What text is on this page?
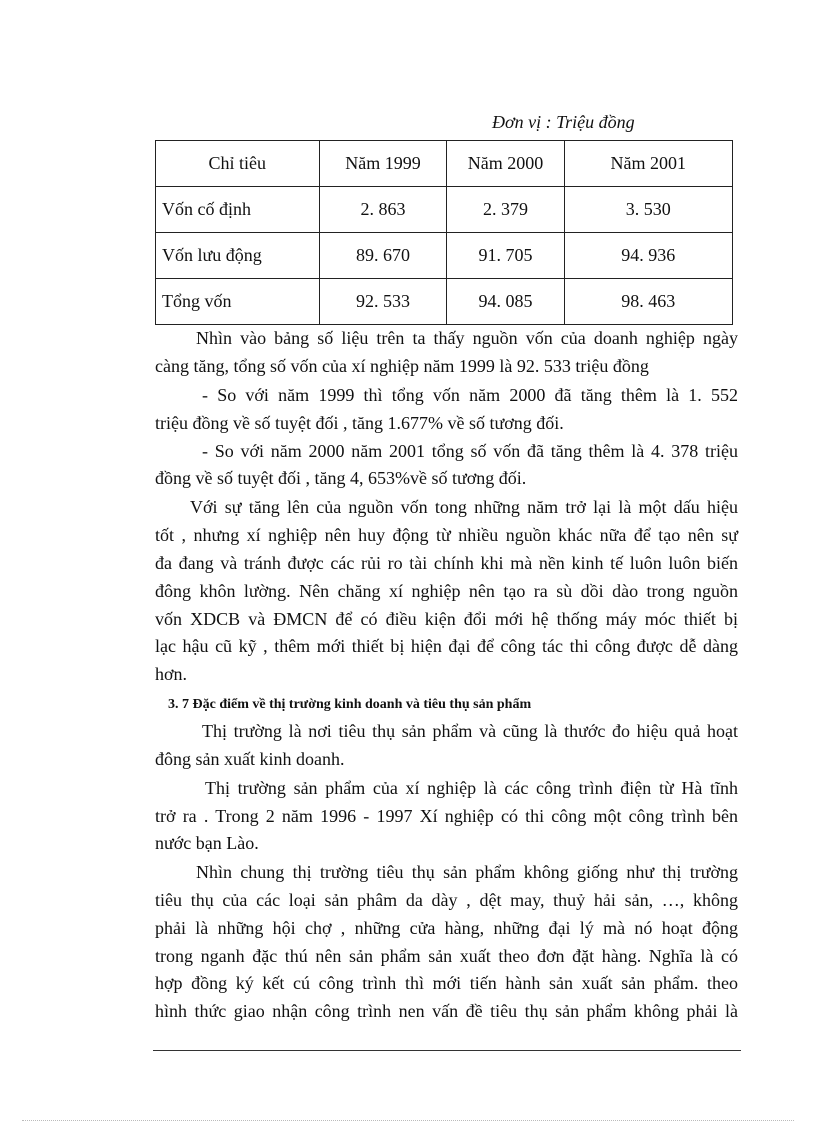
Đơn vị : Triệu đồng
Chỉ tiêu	Năm 1999	Năm 2000	Năm 2001
Vốn cố định	2. 863	2. 379	3. 530
Vốn lưu động	89. 670	91. 705	94. 936
Tổng vốn	92. 533	94. 085	98. 463
Nhìn vào bảng số liệu trên ta thấy nguồn vốn của doanh nghiệp ngày
càng tăng, tổng số vốn của xí nghiệp năm 1999 là 92. 533 triệu đồng
- So với năm 1999 thì tổng vốn năm 2000 đã tăng thêm là 1. 552
triệu đồng về số tuyệt đối , tăng 1.677% về số tương đối.
- So với năm 2000 năm 2001 tổng số vốn đã tăng thêm là 4. 378 triệu
đồng về số tuyệt đối , tăng 4, 653%về số tương đối.
Với sự tăng lên của nguồn vốn tong những năm trở lại là một dấu hiệu
tốt , nhưng xí nghiệp nên huy động từ nhiều nguồn khác nữa để tạo nên sự
đa đang và tránh được các rủi ro tài chính khi mà nền kinh tế luôn luôn biến
đông khôn lường. Nên chăng xí nghiệp nên tạo ra sù dồi dào trong nguồn
vốn XDCB và ĐMCN để có điều kiện đổi mới hệ thống máy móc thiết bị
lạc hậu cũ kỹ , thêm mới thiết bị hiện đại để công tác thi công được dễ dàng
hơn.
3. 7 Đặc điểm về thị trường kinh doanh và tiêu thụ sản phẩm
Thị trường là nơi tiêu thụ sản phẩm và cũng là thước đo hiệu quả hoạt
đông sản xuất kinh doanh.
Thị trường sản phẩm của xí nghiệp là các công trình điện từ Hà tĩnh
trở ra . Trong 2 năm 1996 - 1997 Xí nghiệp có thi công một công trình bên
nước bạn Lào.
Nhìn chung thị trường tiêu thụ sản phẩm không giống như thị trường
tiêu thụ của các loại sản phâm da dày , dệt may, thuỷ hải sản, …, không
phải là những hội chợ , những cửa hàng, những đại lý mà nó hoạt động
trong nganh đặc thú nên sản phẩm sản xuất theo đơn đặt hàng. Nghĩa là có
hợp đồng ký kết cú công trình thì mới tiến hành sản xuất sản phẩm. theo
hình thức giao nhận công trình nen vấn đề tiêu thụ sản phẩm không phải là
